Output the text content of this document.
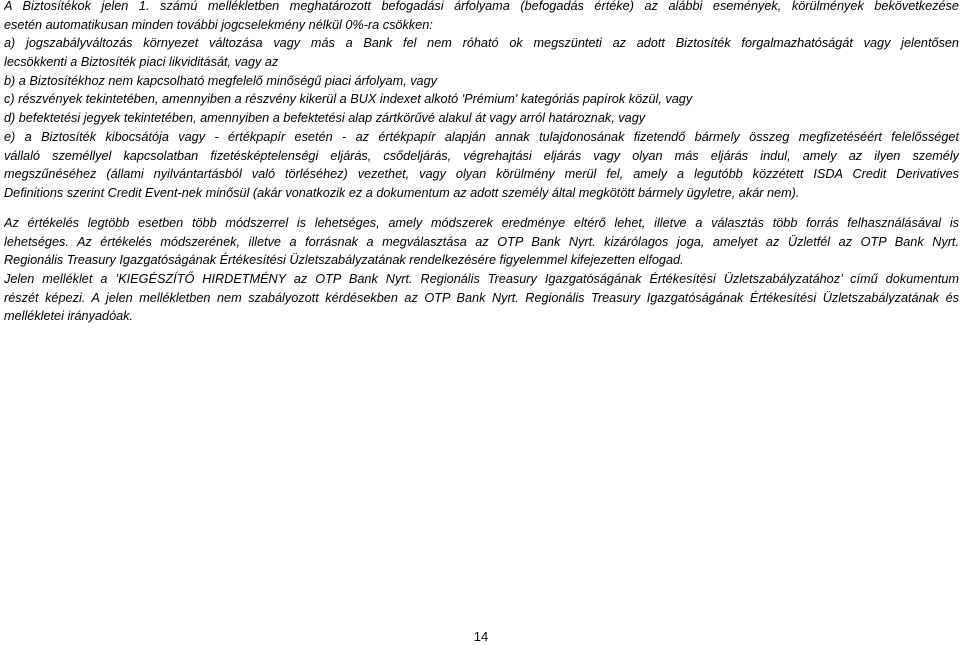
A Biztosítékok jelen 1. számú mellékletben meghatározott befogadási árfolyama (befogadás értéke) az alábbi események, körülmények bekövetkezése
esetén automatikusan minden további jogcselekmény nélkül 0%-ra csökken:
a) jogszabályváltozás környezet változása vagy más a Bank fel nem róható ok megszünteti az adott Biztosíték forgalmazhatóságát vagy jelentősen
lecsökkenti a Biztosíték piaci likviditását, vagy az
b) a Biztosítékhoz nem kapcsolható megfelelő minőségű piaci árfolyam, vagy
c) részvények tekintetében, amennyiben a részvény kikerül a BUX indexet alkotó 'Prémium' kategóriás papírok közül, vagy
d) befektetési jegyek tekintetében, amennyiben a befektetési alap zártkörűvé alakul át vagy arról határoznak, vagy
e) a Biztosíték kibocsátója vagy - értékpapír esetén - az értékpapír alapján annak tulajdonosának fizetendő bármely összeg megfizetéséért felelősséget
vállaló személlyel kapcsolatban fizetésképtelenségi eljárás, csődeljárás, végrehajtási eljárás vagy olyan más eljárás indul, amely az ilyen személy
megszűnéséhez (állami nyilvántartásból való törléséhez) vezethet, vagy olyan körülmény merül fel, amely a legutóbb közzétett ISDA Credit Derivatives
Definitions szerint Credit Event-nek minősül (akár vonatkozik ez a dokumentum az adott személy által megkötött bármely ügyletre, akár nem).
Az értékelés legtöbb esetben több módszerrel is lehetséges, amely módszerek eredménye eltérő lehet, illetve a választás több forrás felhasználásával is
lehetséges. Az értékelés módszerének, illetve a forrásnak a megválasztása az OTP Bank Nyrt. kizárólagos joga, amelyet az Üzletfél az OTP Bank Nyrt.
Regionális Treasury Igazgatóságának Értékesítési Üzletszabályzatának rendelkezésére figyelemmel kifejezetten elfogad.
Jelen melléklet a ’KIEGÉSZÍTŐ HIRDETMÉNY az OTP Bank Nyrt. Regionális Treasury Igazgatóságának Értékesítési Üzletszabályzatához’ című dokumentum
részét képezi. A jelen mellékletben nem szabályozott kérdésekben az OTP Bank Nyrt. Regionális Treasury Igazgatóságának Értékesítési Üzletszabályzatának és
mellékletei irányadóak.
14
